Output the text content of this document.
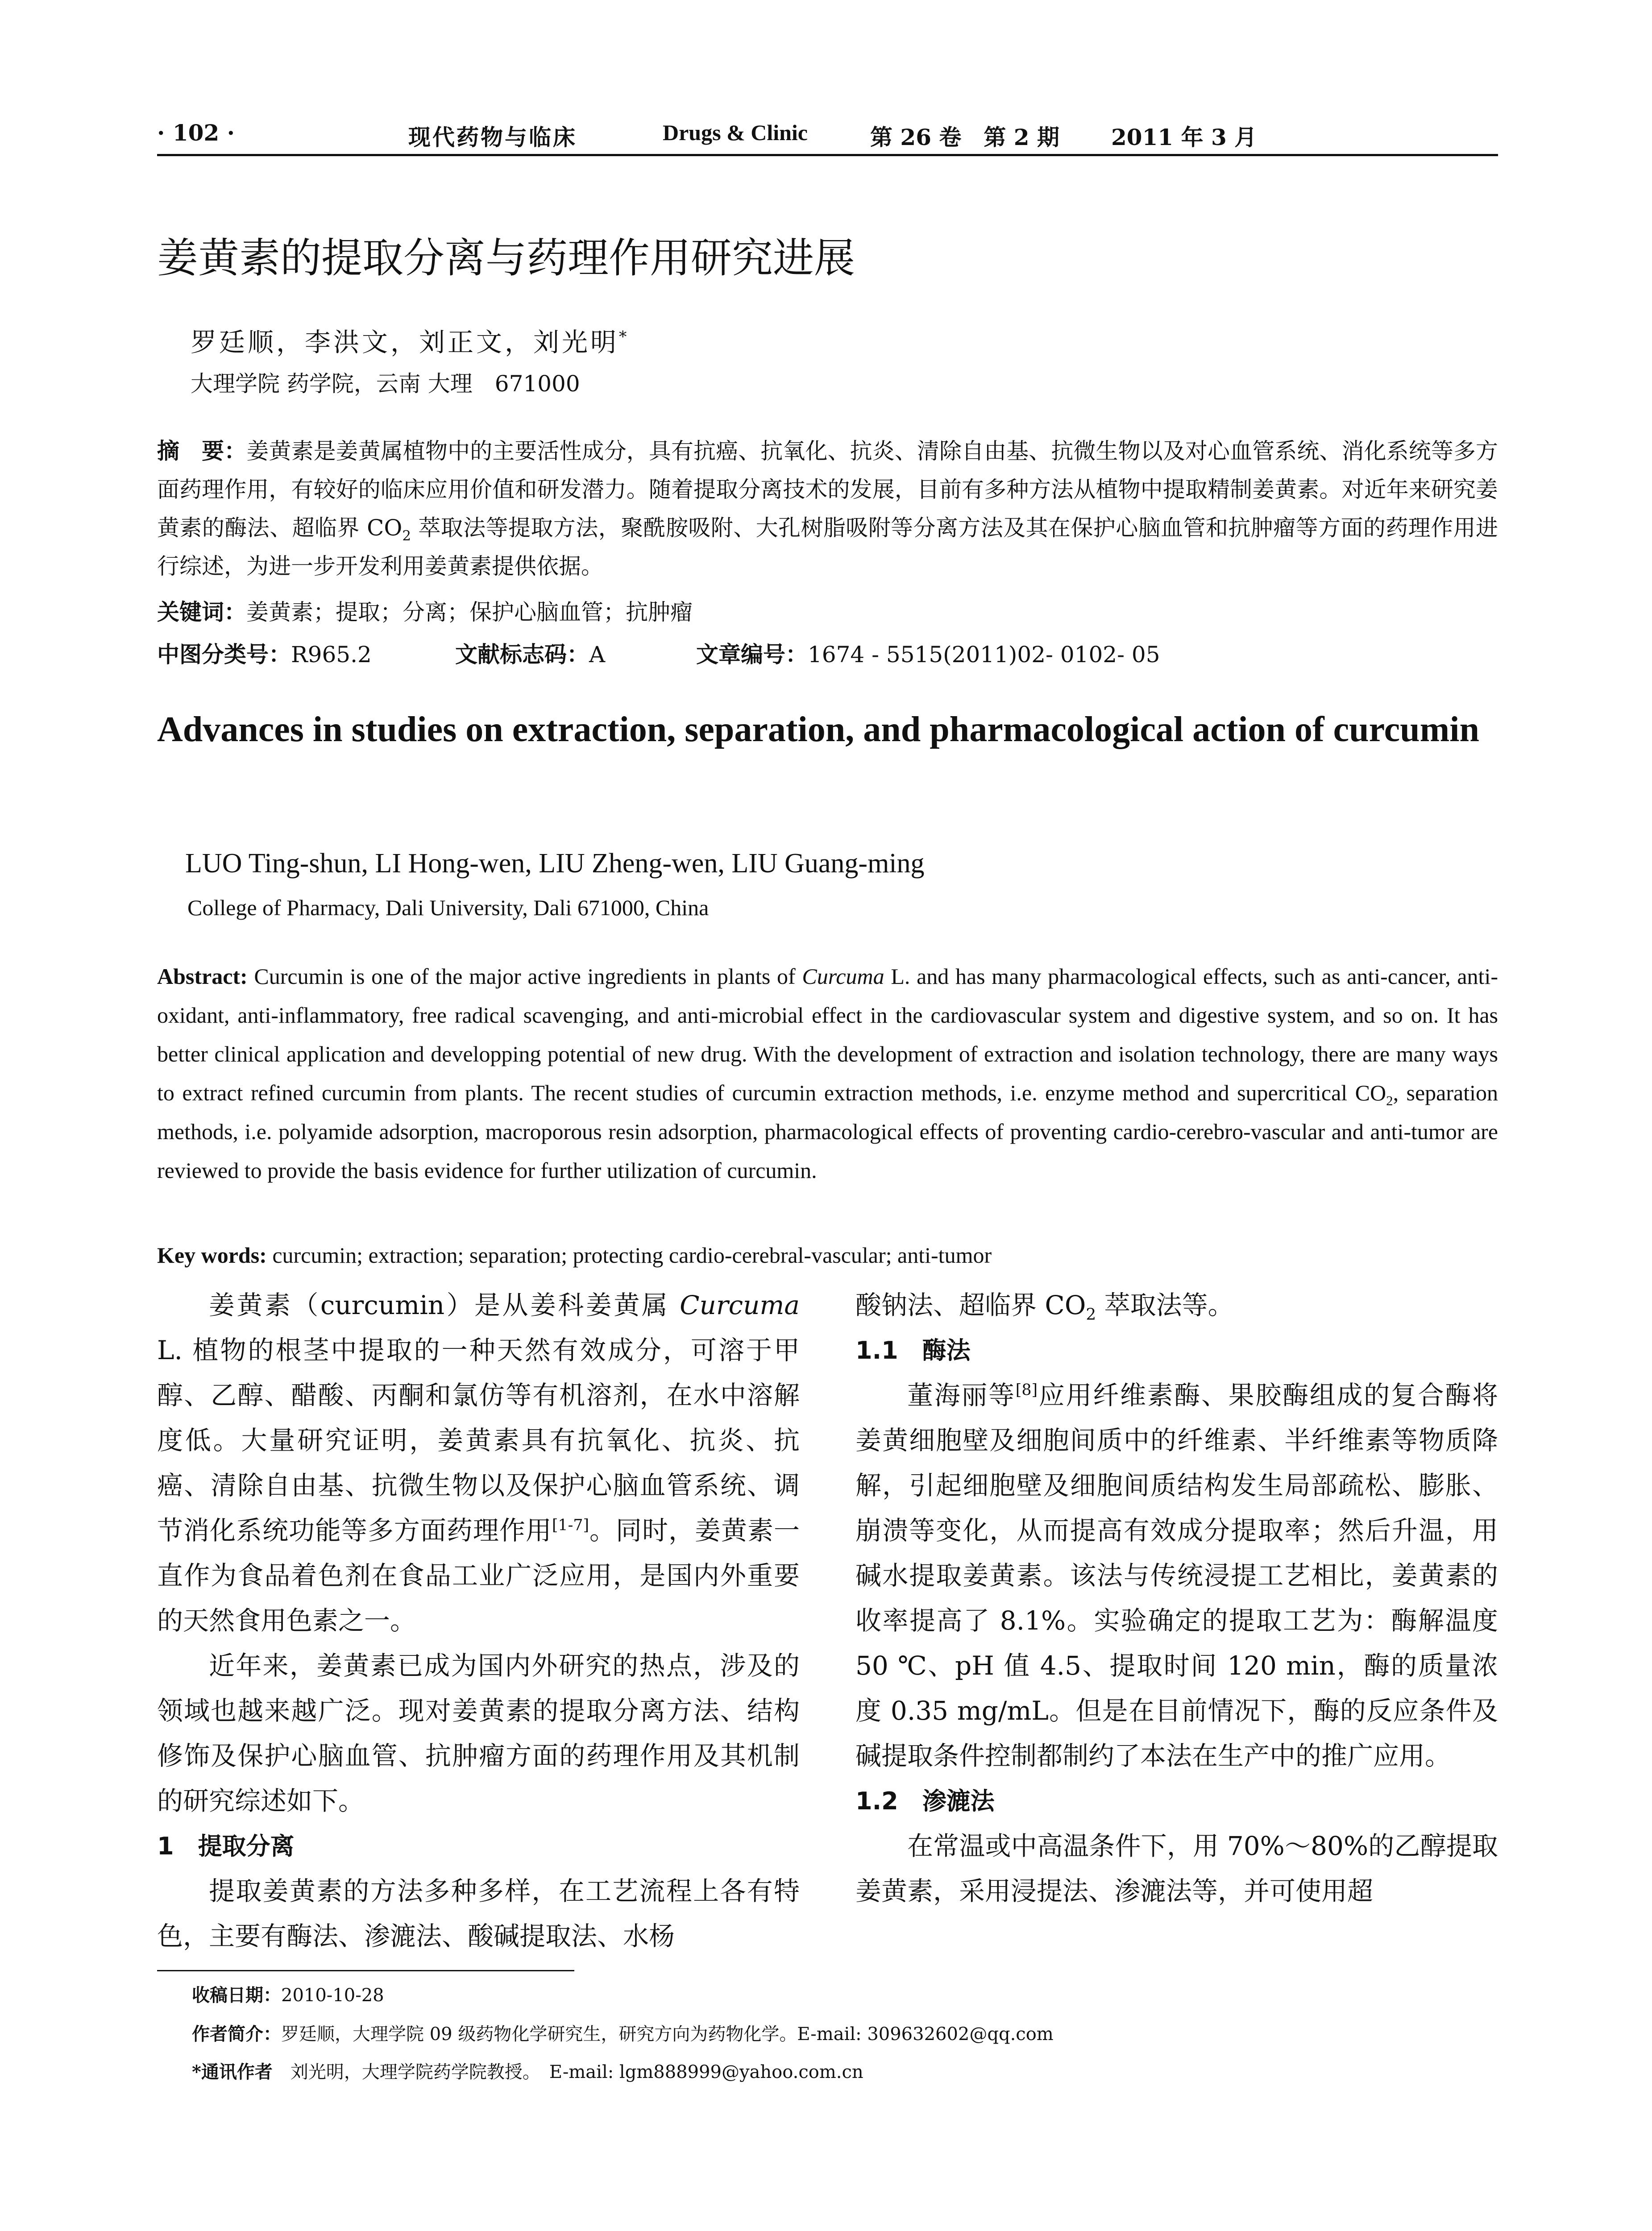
· 102 ·	现代药物与临床	Drugs & Clinic	第 26 卷　第 2 期 2011 年 3 月
姜黄素的提取分离与药理作用研究进展
罗廷顺，李洪文，刘正文，刘光明*
大理学院 药学院，云南 大理　671000
摘　要：姜黄素是姜黄属植物中的主要活性成分，具有抗癌、抗氧化、抗炎、清除自由基、抗微生物以及对心血管系统、消化系统等多方面药理作用，有较好的临床应用价值和研发潜力。随着提取分离技术的发展，目前有多种方法从植物中提取精制姜黄素。对近年来研究姜黄素的酶法、超临界 $CO_2$ 萃取法等提取方法，聚酰胺吸附、大孔树脂吸附等分离方法及其在保护心脑血管和抗肿瘤等方面的药理作用进行综述，为进一步开发利用姜黄素提供依据。
关键词：姜黄素；提取；分离；保护心脑血管；抗肿瘤
中图分类号：R965.2	文献标志码：A	文章编号：1674 - 5515(2011)02- 0102- 05
Advances in studies on extraction, separation, and pharmacological action of curcumin
LUO Ting-shun, LI Hong-wen, LIU Zheng-wen, LIU Guang-ming
College of Pharmacy, Dali University, Dali 671000, China
Abstract: Curcumin is one of the major active ingredients in plants of Curcuma L. and has many pharmacological effects, such as anti-cancer, anti-oxidant, anti-inflammatory, free radical scavenging, and anti-microbial effect in the cardiovascular system and digestive system, and so on. It has better clinical application and developping potential of new drug. With the development of extraction and isolation technology, there are many ways to extract refined curcumin from plants. The recent studies of curcumin extraction methods, i.e. enzyme method and supercritical $CO_2$, separation methods, i.e. polyamide adsorption, macroporous resin adsorption, pharmacological effects of proventing cardio-cerebro-vascular and anti-tumor are reviewed to provide the basis evidence for further utilization of curcumin.
Key words: curcumin; extraction; separation; protecting cardio-cerebral-vascular; anti-tumor

姜黄素（curcumin）是从姜科姜黄属 Curcuma L. 植物的根茎中提取的一种天然有效成分，可溶于甲醇、乙醇、醋酸、丙酮和氯仿等有机溶剂，在水中溶解度低。大量研究证明，姜黄素具有抗氧化、抗炎、抗癌、清除自由基、抗微生物以及保护心脑血管系统、调节消化系统功能等多方面药理作用[1-7]。同时，姜黄素一直作为食品着色剂在食品工业广泛应用，是国内外重要的天然食用色素之一。

近年来，姜黄素已成为国内外研究的热点，涉及的领域也越来越广泛。现对姜黄素的提取分离方法、结构修饰及保护心脑血管、抗肿瘤方面的药理作用及其机制的研究综述如下。

1　提取分离

提取姜黄素的方法多种多样，在工艺流程上各有特色，主要有酶法、渗漉法、酸碱提取法、水杨

酸钠法、超临界 $CO_2$ 萃取法等。

1.1　酶法

董海丽等[8]应用纤维素酶、果胶酶组成的复合酶将姜黄细胞壁及细胞间质中的纤维素、半纤维素等物质降解，引起细胞壁及细胞间质结构发生局部疏松、膨胀、崩溃等变化，从而提高有效成分提取率；然后升温，用碱水提取姜黄素。该法与传统浸提工艺相比，姜黄素的收率提高了 8.1%。实验确定的提取工艺为：酶解温度 50 ℃、pH 值 4.5、提取时间 120 min，酶的质量浓度 0.35 mg/mL。但是在目前情况下，酶的反应条件及碱提取条件控制都制约了本法在生产中的推广应用。

1.2　渗漉法

在常温或中高温条件下，用 70%～80%的乙醇提取姜黄素，采用浸提法、渗漉法等，并可使用超

收稿日期：2010-10-28
作者简介：罗廷顺，大理学院 09 级药物化学研究生，研究方向为药物化学。E-mail: 309632602@qq.com
*通讯作者　刘光明，大理学院药学院教授。　E-mail: lgm888999@yahoo.com.cn
